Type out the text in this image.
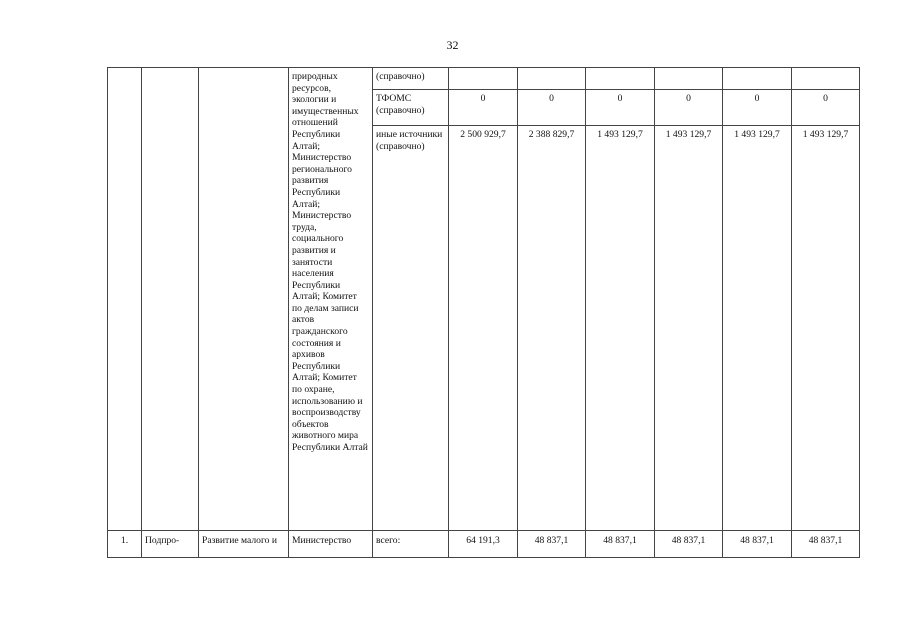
32
			природных ресурсов, экологии и имущественных отношений Республики Алтай; Министерство регионального развития Республики Алтай; Министерство труда, социального развития и занятости населения Республики Алтай; Комитет по делам записи актов гражданского состояния и архивов Республики Алтай; Комитет по охране, использованию и воспроизводству объектов животного мира Республики Алтай	(справочно)						
				ТФОМС (справочно)	0	0	0	0	0	0
				иные источники (справочно)	2 500 929,7	2 388 829,7	1 493 129,7	1 493 129,7	1 493 129,7	1 493 129,7
1.	Подпро-	Развитие малого и	Министерство	всего:	64 191,3	48 837,1	48 837,1	48 837,1	48 837,1	48 837,1
